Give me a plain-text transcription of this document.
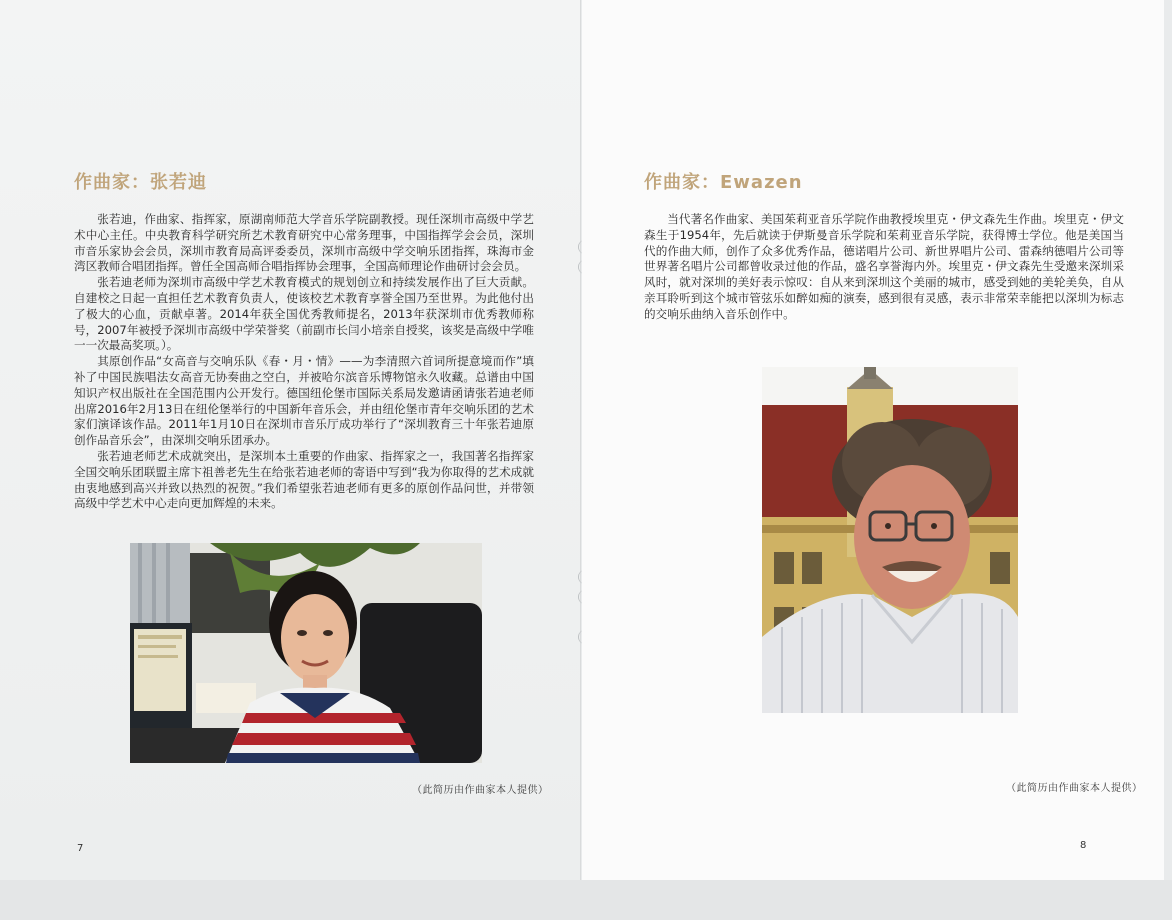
作曲家：张若迪

张若迪，作曲家、指挥家，原湖南师范大学音乐学院副教授。现任深圳市高级中学艺术中心主任。中央教育科学研究所艺术教育研究中心常务理事，中国指挥学会会员，深圳市音乐家协会会员，深圳市教育局高评委委员，深圳市高级中学交响乐团指挥，珠海市金湾区教师合唱团指挥。曾任全国高师合唱指挥协会理事，全国高师理论作曲研讨会会员。

张若迪老师为深圳市高级中学艺术教育模式的规划创立和持续发展作出了巨大贡献。自建校之日起一直担任艺术教育负责人，使该校艺术教育享誉全国乃至世界。为此他付出了极大的心血，贡献卓著。2014年获全国优秀教师提名，2013年获深圳市优秀教师称号，2007年被授予深圳市高级中学荣誉奖（前副市长闫小培亲自授奖，该奖是高级中学唯一一次最高奖项。）。

其原创作品“女高音与交响乐队《春・月・情》——为李清照六首词所提意境而作”填补了中国民族唱法女高音无协奏曲之空白，并被哈尔滨音乐博物馆永久收藏。总谱由中国知识产权出版社在全国范围内公开发行。德国纽伦堡市国际关系局发邀请函请张若迪老师出席2016年2月13日在纽伦堡举行的中国新年音乐会，并由纽伦堡市青年交响乐团的艺术家们演译该作品。2011年1月10日在深圳市音乐厅成功举行了“深圳教育三十年张若迪原创作品音乐会”，由深圳交响乐团承办。

张若迪老师艺术成就突出，是深圳本土重要的作曲家、指挥家之一，我国著名指挥家全国交响乐团联盟主席卞祖善老先生在给张若迪老师的寄语中写到“我为你取得的艺术成就由衷地感到高兴并致以热烈的祝贺。”我们希望张若迪老师有更多的原创作品问世，并带领高级中学艺术中心走向更加辉煌的未来。

（此简历由作曲家本人提供）
7
作曲家：Ewazen

当代著名作曲家、美国茱莉亚音乐学院作曲教授埃里克・伊文森先生作曲。埃里克・伊文森生于1954年，先后就读于伊斯曼音乐学院和茱莉亚音乐学院，获得博士学位。他是美国当代的作曲大师，创作了众多优秀作品，德诺唱片公司、新世界唱片公司、雷森纳德唱片公司等世界著名唱片公司都曾收录过他的作品，盛名享誉海内外。埃里克・伊文森先生受邀来深圳采风时，就对深圳的美好表示惊叹：自从来到深圳这个美丽的城市，感受到她的美轮美奂，自从亲耳聆听到这个城市管弦乐如醉如痴的演奏，感到很有灵感，表示非常荣幸能把以深圳为标志的交响乐曲纳入音乐创作中。

（此简历由作曲家本人提供）
8
